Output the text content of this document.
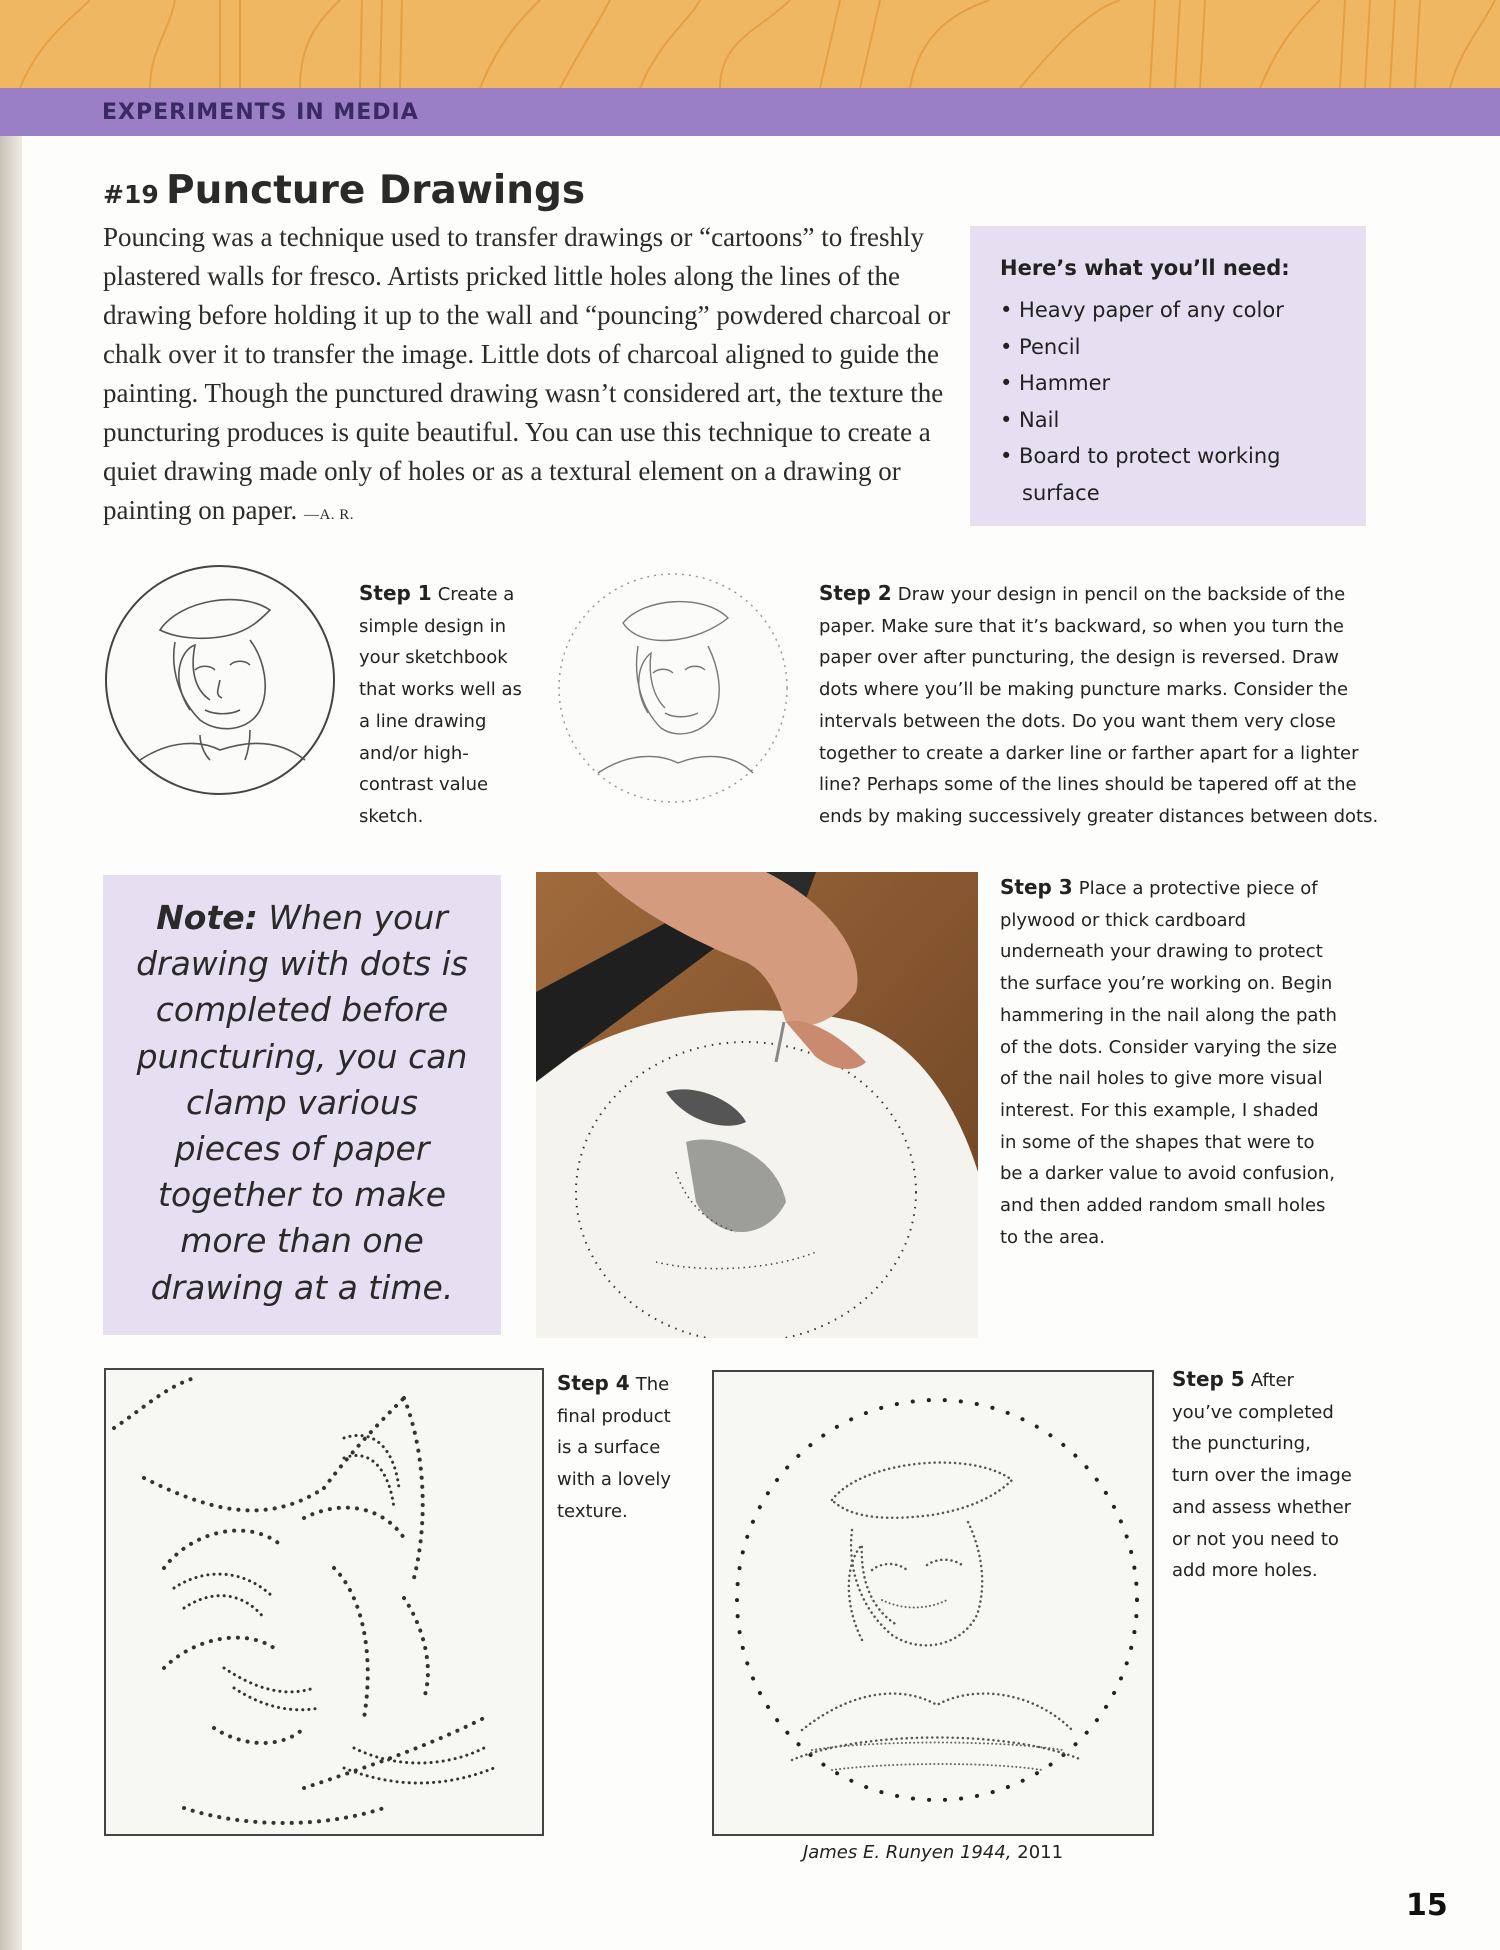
EXPERIMENTS IN MEDIA
#19 Puncture Drawings
Pouncing was a technique used to transfer drawings or “cartoons” to freshly plastered walls for fresco. Artists pricked little holes along the lines of the drawing before holding it up to the wall and “pouncing” powdered charcoal or chalk over it to transfer the image. Little dots of charcoal aligned to guide the painting. Though the punctured drawing wasn’t considered art, the texture the puncturing produces is quite beautiful. You can use this technique to create a quiet drawing made only of holes or as a textural element on a drawing or painting on paper. —A. R.
Here’s what you’ll need:
• Heavy paper of any color
• Pencil
• Hammer
• Nail
• Board to protect working surface
Step 1 Create a simple design in your sketchbook that works well as a line drawing and/or high-contrast value sketch.
Step 2 Draw your design in pencil on the backside of the paper. Make sure that it’s backward, so when you turn the paper over after puncturing, the design is reversed. Draw dots where you’ll be making puncture marks. Consider the intervals between the dots. Do you want them very close together to create a darker line or farther apart for a lighter line? Perhaps some of the lines should be tapered off at the ends by making successively greater distances between dots.
Note: When your drawing with dots is completed before puncturing, you can clamp various pieces of paper together to make more than one drawing at a time.
Step 3 Place a protective piece of plywood or thick cardboard underneath your drawing to protect the surface you’re working on. Begin hammering in the nail along the path of the dots. Consider varying the size of the nail holes to give more visual interest. For this example, I shaded in some of the shapes that were to be a darker value to avoid confusion, and then added random small holes to the area.
Step 4 The final product is a surface with a lovely texture.
Step 5 After you’ve completed the puncturing, turn over the image and assess whether or not you need to add more holes.
James E. Runyen 1944, 2011
15
